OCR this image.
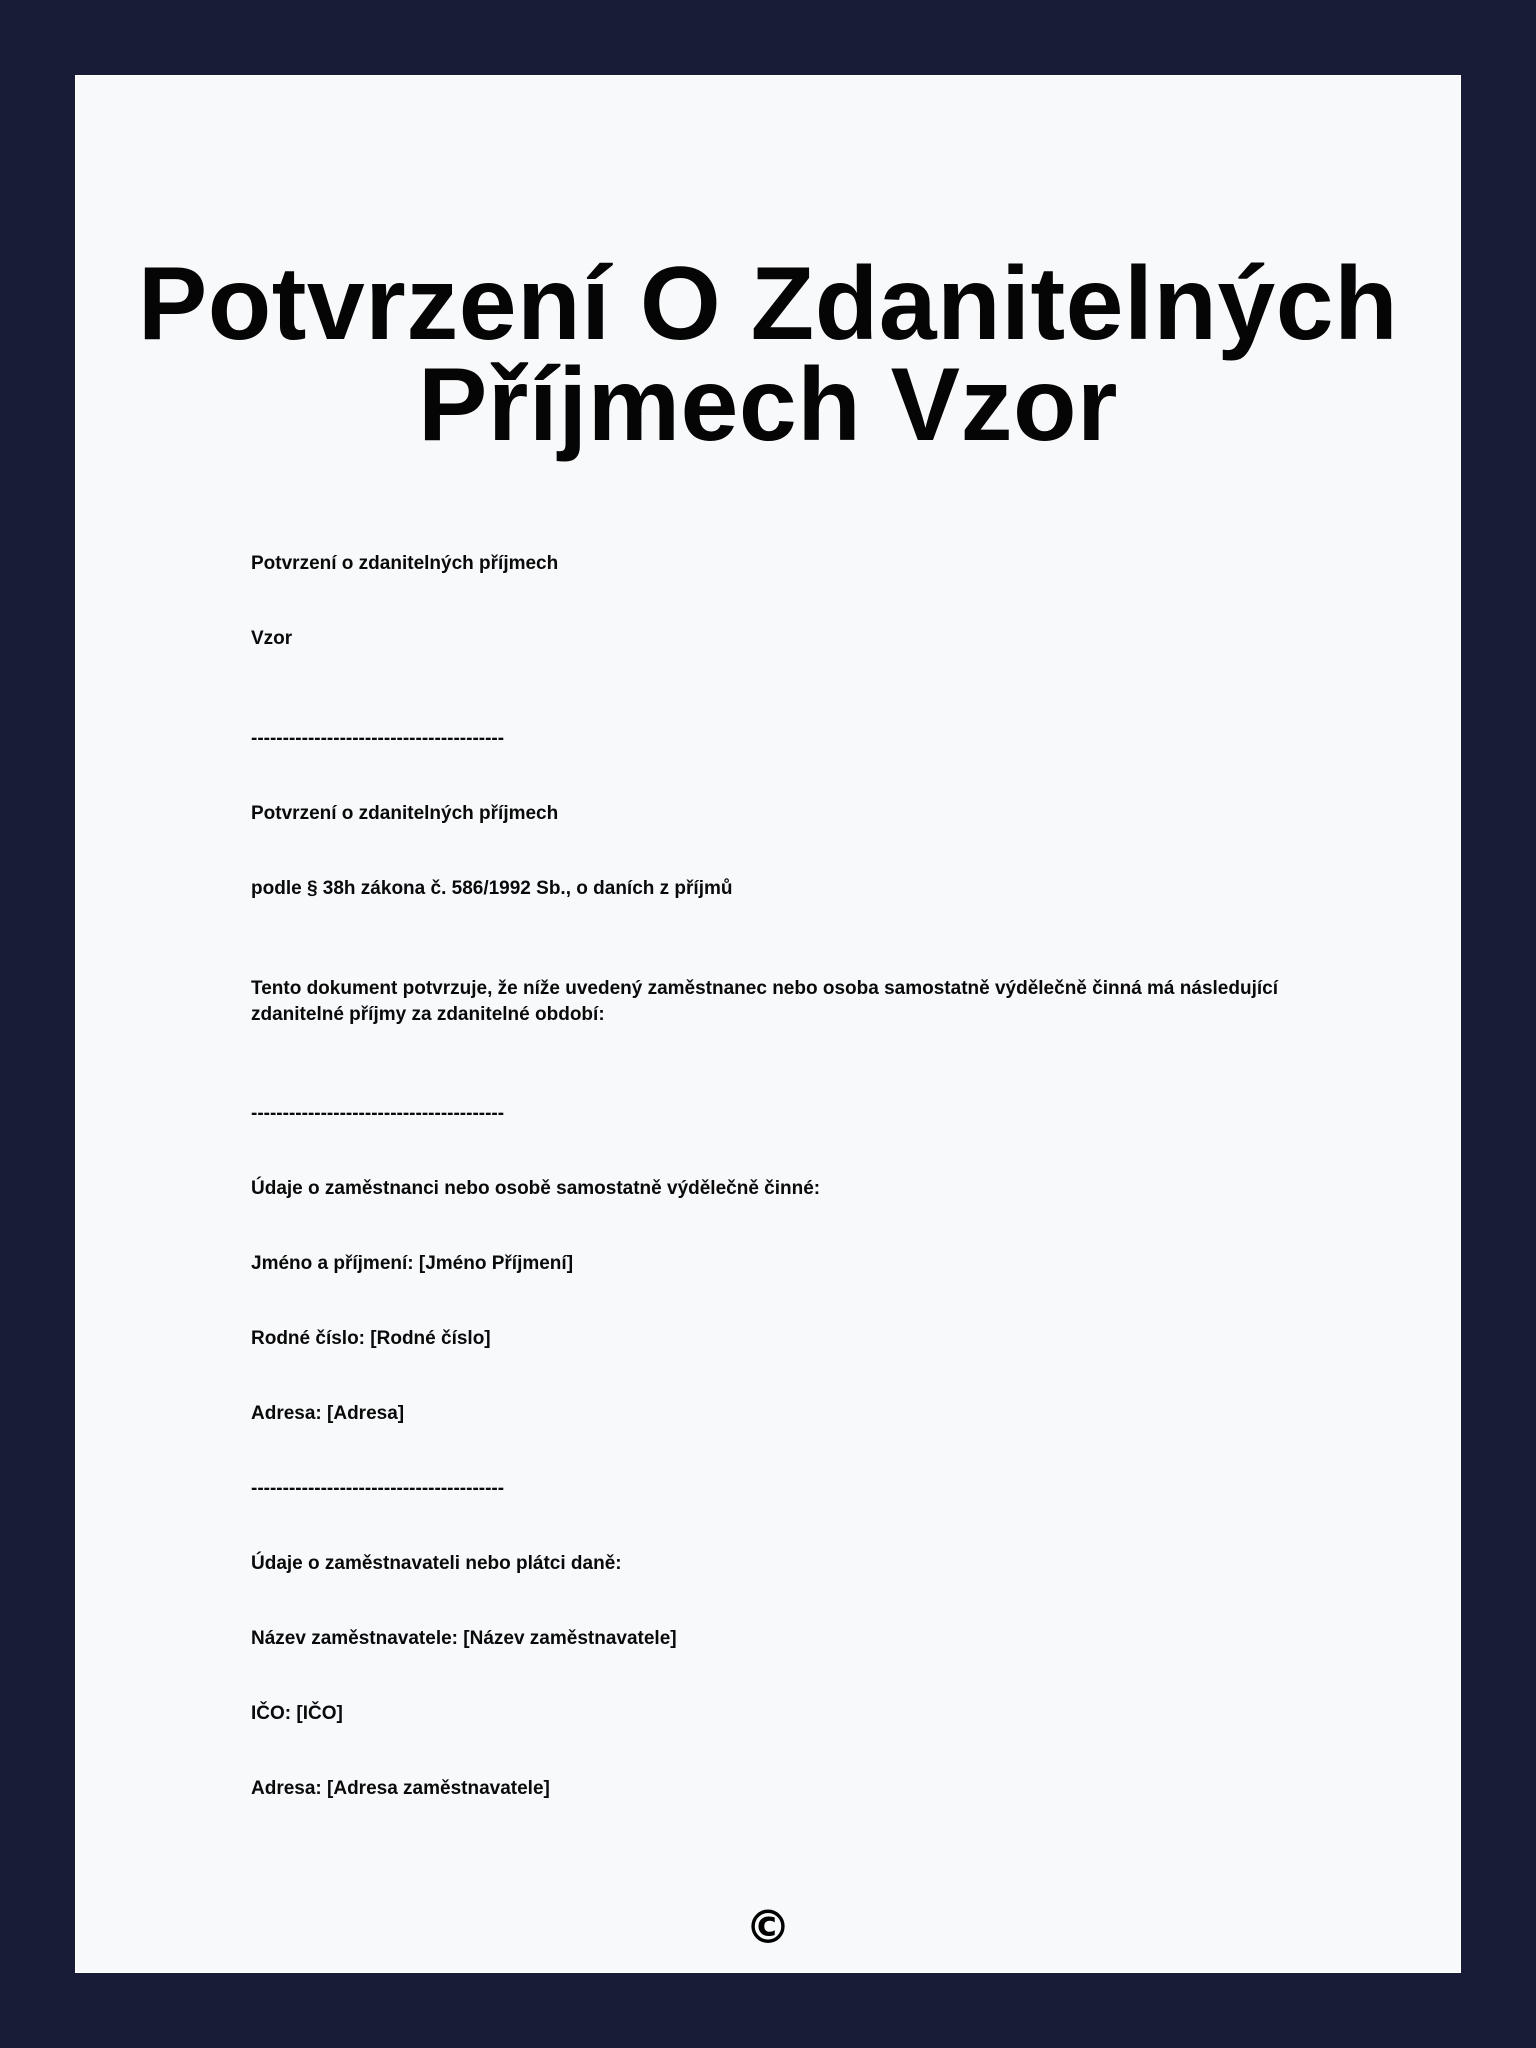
Potvrzení O Zdanitelných Příjmech Vzor

Potvrzení o zdanitelných příjmech

Vzor

----------------------------------------

Potvrzení o zdanitelných příjmech

podle § 38h zákona č. 586/1992 Sb., o daních z příjmů

Tento dokument potvrzuje, že níže uvedený zaměstnanec nebo osoba samostatně výdělečně činná má následující zdanitelné příjmy za zdanitelné období:

----------------------------------------

Údaje o zaměstnanci nebo osobě samostatně výdělečně činné:

Jméno a příjmení: [Jméno Příjmení]

Rodné číslo: [Rodné číslo]

Adresa: [Adresa]

----------------------------------------

Údaje o zaměstnavateli nebo plátci daně:

Název zaměstnavatele: [Název zaměstnavatele]

IČO: [IČO]

Adresa: [Adresa zaměstnavatele]

©
